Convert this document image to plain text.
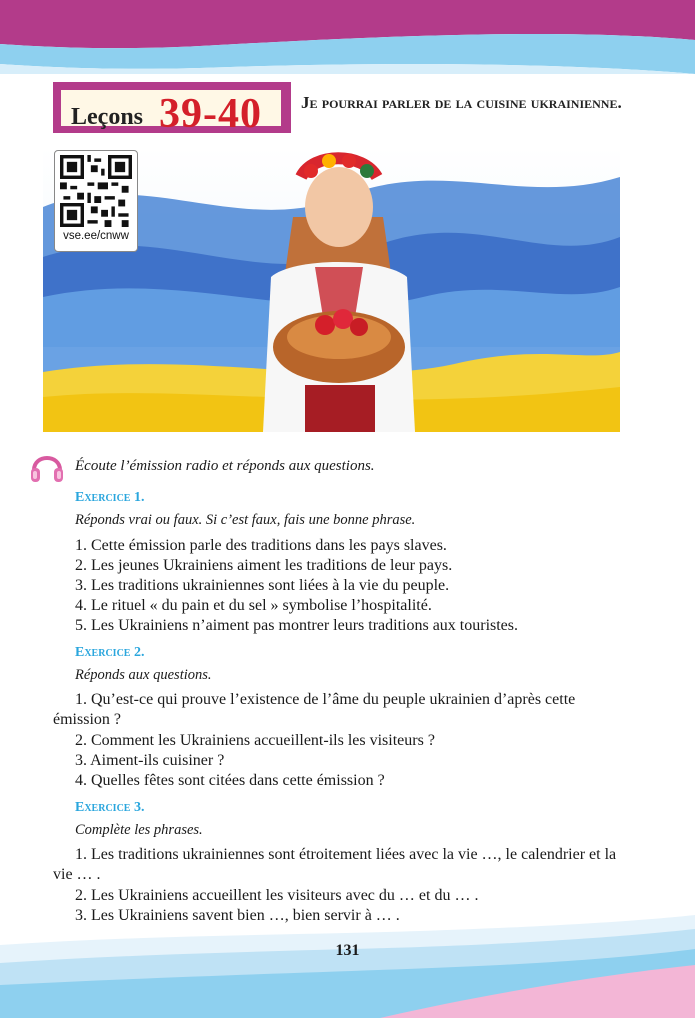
Leçons 39-40 Je pourrai parler de la cuisine ukrainienne.
vse.ee/cnww
Écoute l’émission radio et réponds aux questions.
Exercice 1.
Réponds vrai ou faux. Si c’est faux, fais une bonne phrase.
1. Cette émission parle des traditions dans les pays slaves.
2. Les jeunes Ukrainiens aiment les traditions de leur pays.
3. Les traditions ukrainiennes sont liées à la vie du peuple.
4. Le rituel « du pain et du sel » symbolise l’hospitalité.
5. Les Ukrainiens n’aiment pas montrer leurs traditions aux touristes.
Exercice 2.
Réponds aux questions.
1. Qu’est-ce qui prouve l’existence de l’âme du peuple ukrainien d’après cette émission ?
2. Comment les Ukrainiens accueillent-ils les visiteurs ?
3. Aiment-ils cuisiner ?
4. Quelles fêtes sont citées dans cette émission ?
Exercice 3.
Complète les phrases.
1. Les traditions ukrainiennes sont étroitement liées avec la vie …, le calendrier et la vie … .
2. Les Ukrainiens accueillent les visiteurs avec du … et du … .
3. Les Ukrainiens savent bien …, bien servir à … .
131
